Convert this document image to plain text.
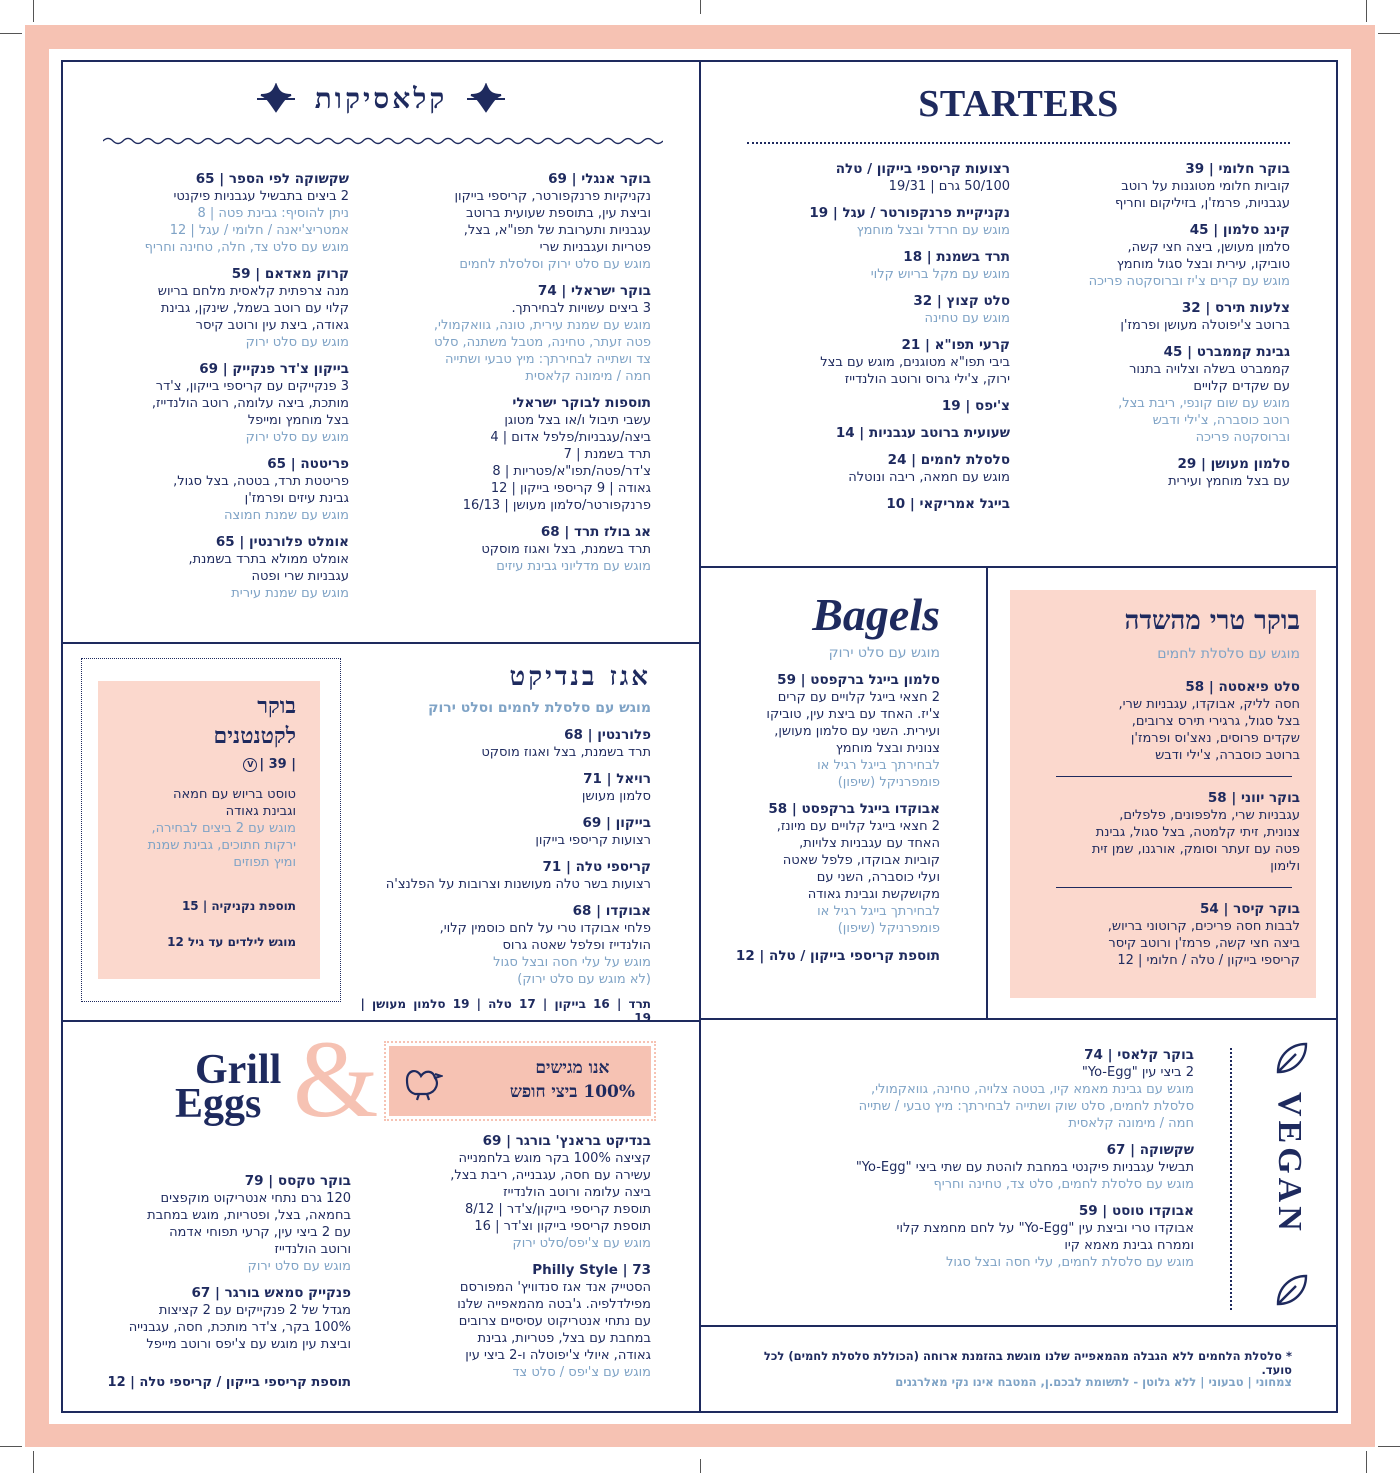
קלאסיקות
בוקר אנגלי | 69
נקניקיות פרנקפורטר, קריספי בייקון
וביצת עין, בתוספת שעועית ברוטב
עגבניות ותערובת של תפו"א, בצל,
פטריות ועגבניות שרי
מוגש עם סלט ירוק וסלסלת לחמים
בוקר ישראלי | 74
3 ביצים עשויות לבחירתך.
מוגש עם שמנת עירית, טונה, גוואקמולי,
פטה זעתר, טחינה, מטבל משתנה, סלט
צד ושתייה לבחירתך: מיץ טבעי ושתייה
חמה / מימונה קלאסית
תוספות לבוקר ישראלי
עשבי תיבול ו/או בצל מטוגן
ביצה/עגבניות/פלפל אדום | 4
תרד בשמנת | 7
צ'דר/פטה/תפו"א/פטריות | 8
גאודה | 9 קריספי בייקון | 12
פרנקפורטר/סלמון מעושן | 16/13
אג בולז תרד | 68
תרד בשמנת, בצל ואגוז מוסקט
מוגש עם מדליוני גבינת עיזים
שקשוקה לפי הספר | 65
2 ביצים בתבשיל עגבניות פיקנטי
ניתן להוסיף: גבינת פטה | 8
אמטריצ'יאנה / חלומי / עגל | 12
מוגש עם סלט צד, חלה, טחינה וחריף
קרוק מאדאם | 59
מנה צרפתית קלאסית מלחם בריוש
קלוי עם רוטב בשמל, שינקן, גבינת
גאודה, ביצת עין ורוטב קיסר
מוגש עם סלט ירוק
בייקון צ'דר פנקייק | 69
3 פנקייקים עם קריספי בייקון, צ'דר
מותכת, ביצה עלומה, רוטב הולנדייז,
בצל מוחמץ ומייפל
מוגש עם סלט ירוק
פריטטה | 65
פריטטת תרד, בטטה, בצל סגול,
גבינת עיזים ופרמז'ן
מוגש עם שמנת חמוצה
אומלט פלורנטין | 65
אומלט ממולא בתרד בשמנת,
עגבניות שרי ופטה
מוגש עם שמנת עירית
STARTERS
בוקר חלומי | 39
קוביות חלומי מטוגנות על רוטב
עגבניות, פרמז'ן, בזיליקום וחריף
קינג סלמון | 45
סלמון מעושן, ביצה חצי קשה,
טוביקו, עירית ובצל סגול מוחמץ
מוגש עם קרים צ'יז וברוסקטה פריכה
צלעות תירס | 32
ברוטב צ'יפוטלה מעושן ופרמז'ן
גבינת קממברט | 45
קממברט בשלה וצלויה בתנור
עם שקדים קלויים
מוגש עם שום קונפי, ריבת בצל,
רוטב כוסברה, צ'ילי ודבש
וברוסקטה פריכה
סלמון מעושן | 29
עם בצל מוחמץ ועירית
רצועות קריספי בייקון / טלה
50/100 גרם | 19/31
נקניקיית פרנקפורטר / עגל | 19
מוגש עם חרדל ובצל מוחמץ
תרד בשמנת | 18
מוגש עם מקל בריוש קלוי
סלט קצוץ | 32
מוגש עם טחינה
קרעי תפו"א | 21
ביבי תפו"א מטוגנים, מוגש עם בצל
ירוק, צ'ילי גרוס ורוטב הולנדייז
צ'יפס | 19
שעועית ברוטב עגבניות | 14
סלסלת לחמים | 24
מוגש עם חמאה, ריבה ונוטלה
בייגל אמריקאי | 10
בוקר טרי מהשדה
מוגש עם סלסלת לחמים
סלט פיאסטה | 58
חסה לליק, אבוקדו, עגבניות שרי,
בצל סגול, גרגירי תירס צרובים,
שקדים פרוסים, נאצ'וס ופרמז'ן
ברוטב כוסברה, צ'ילי ודבש
בוקר יווני | 58
עגבניות שרי, מלפפונים, פלפלים,
צנונית, זיתי קלמטה, בצל סגול, גבינת
פטה עם זעתר וסומק, אורגנו, שמן זית
ולימון
בוקר קיסר | 54
לבבות חסה פריכים, קרוטוני בריוש,
ביצה חצי קשה, פרמז'ן ורוטב קיסר
קריספי בייקון / טלה / חלומי | 12
Bagels
מוגש עם סלט ירוק
סלמון בייגל ברקפסט | 59
2 חצאי בייגל קלויים עם קרים
צ'יז. האחד עם ביצת עין, טוביקו
ועירית. השני עם סלמון מעושן,
צנונית ובצל מוחמץ
לבחירתך בייגל רגיל או
פומפרניקל (שיפון)
אבוקדו בייגל ברקפסט | 58
2 חצאי בייגל קלויים עם מיונז,
האחד עם עגבניות צלויות,
קוביות אבוקדו, פלפל שאטה
ועלי כוסברה, השני עם
מקושקשת וגבינת גאודה
לבחירתך בייגל רגיל או
פומפרניקל (שיפון)
תוספת קריספי בייקון / טלה | 12
אגז בנדיקט
מוגש עם סלסלת לחמים וסלט ירוק
פלורנטין | 68
תרד בשמנת, בצל ואגוז מוסקט
רויאל | 71
סלמון מעושן
בייקון | 69
רצועות קריספי בייקון
קריספי טלה | 71
רצועות בשר טלה מעושנות וצרובות על הפלנצ'ה
אבוקדו | 68
פלחי אבוקדו טרי על לחם כוסמין קלוי,
הולנדייז ופלפל שאטה גרוס
מוגש על עלי חסה ובצל סגול
(לא מוגש עם סלט ירוק)
תרד | 16 בייקון | 17 טלה | 19 סלמון מעושן | 19
בוקר
לקטנטנים
| 39 |V
טוסט בריוש עם חמאה
וגבינת גאודה
מוגש עם 2 ביצים לבחירה,
ירקות חתוכים, גבינת שמנת
ומיץ תפוזים
תוספת נקניקיה | 15
מוגש לילדים עד גיל 12
&
Grill
Eggs
אנו מגישים
100% ביצי חופש
בנדיקט בראנץ' בורגר | 69
קציצה 100% בקר מוגש בלחמנייה
עשירה עם חסה, עגבנייה, ריבת בצל,
ביצה עלומה ורוטב הולנדייז
תוספת קריספי בייקון/צ'דר | 8/12
תוספת קריספי בייקון וצ'דר | 16
מוגש עם צ'יפס/סלט ירוק
Philly Style | 73
הסטייק אנד אגז סנדוויץ' המפורסם
מפילדלפיה. ג'בטה מהמאפייה שלנו
עם נתחי אנטריקוט עסיסיים צרובים
במחבת עם בצל, פטריות, גבינת
גאודה, איולי צ'יפוטלה ו-2 ביצי עין
מוגש עם צ'יפס / סלט צד
בוקר טקסס | 79
120 גרם נתחי אנטריקוט מוקפצים
בחמאה, בצל, ופטריות, מוגש במחבת
עם 2 ביצי עין, קרעי תפוחי אדמה
ורוטב הולנדייז
מוגש עם סלט ירוק
פנקייק סמאש בורגר | 67
מגדל של 2 פנקייקים עם 2 קציצות
100% בקר, צ'דר מותכת, חסה, עגבנייה
וביצת עין מוגש עם צ'יפס ורוטב מייפל
תוספת קריספי בייקון / קריספי טלה | 12
VEGAN
בוקר קלאסי | 74
2 ביצי עין "Yo-Egg"
מוגש עם גבינת מאמא קיו, בטטה צלויה, טחינה, גוואקמולי,
סלסלת לחמים, סלט שוק ושתייה לבחירתך: מיץ טבעי / שתייה
חמה / מימונה קלאסית
שקשוקה | 67
תבשיל עגבניות פיקנטי במחבת לוהטת עם שתי ביצי "Yo-Egg"
מוגש עם סלסלת לחמים, סלט צד, טחינה וחריף
אבוקדו טוסט | 59
אבוקדו טרי וביצת עין "Yo-Egg" על לחם מחמצת קלוי
וממרח גבינת מאמא קיו
מוגש עם סלסלת לחמים, עלי חסה ובצל סגול
* סלסלת הלחמים ללא הגבלה מהמאפייה שלנו מוגשת בהזמנת ארוחה (הכוללת סלסלת לחמים) לכל סועד.
צמחוני | טבעוני | ללא גלוטן - לתשומת לבכם.ן, המטבח אינו נקי מאלרגנים
